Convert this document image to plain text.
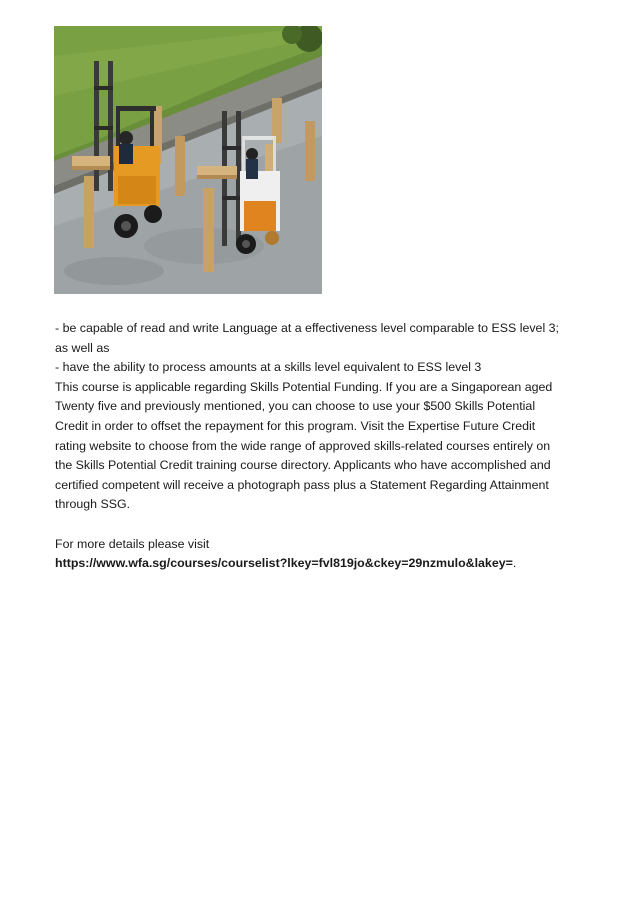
- be capable of read and write Language at a effectiveness level comparable to ESS level 3;
as well as
- have the ability to process amounts at a skills level equivalent to ESS level 3
This course is applicable regarding Skills Potential Funding. If you are a Singaporean aged
Twenty five and previously mentioned, you can choose to use your $500 Skills Potential
Credit in order to offset the repayment for this program. Visit the Expertise Future Credit
rating website to choose from the wide range of approved skills-related courses entirely on
the Skills Potential Credit training course directory. Applicants who have accomplished and
certified competent will receive a photograph pass plus a Statement Regarding Attainment
through SSG.
For more details please visit
https://www.wfa.sg/courses/courselist?lkey=fvl819jo&ckey=29nzmulo&lakey=.
